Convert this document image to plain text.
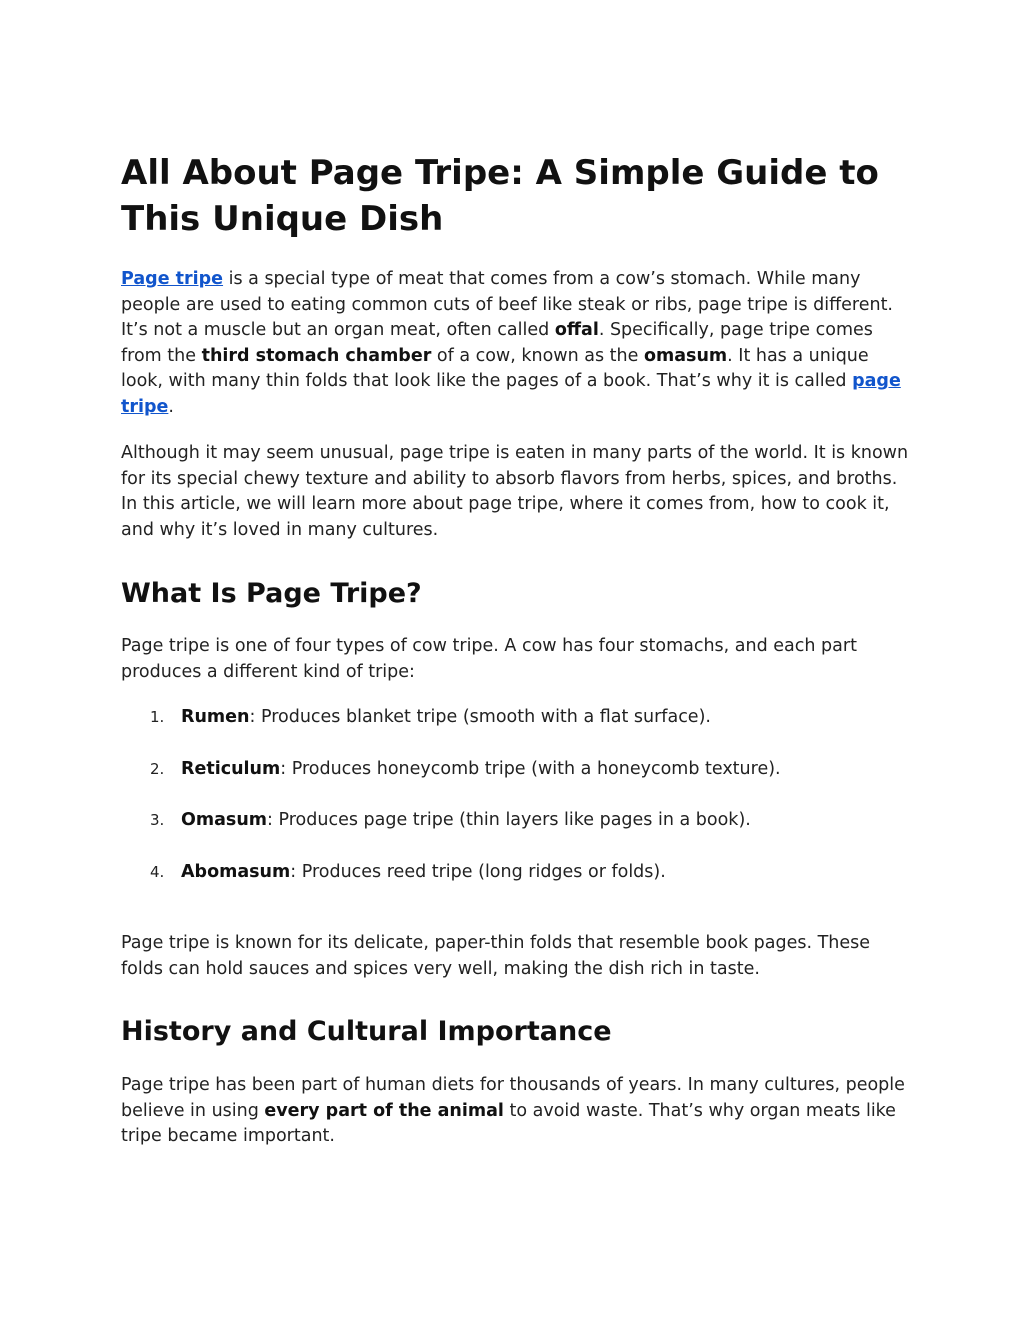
All About Page Tripe: A Simple Guide to This Unique Dish

Page tripe is a special type of meat that comes from a cow’s stomach. While many people are used to eating common cuts of beef like steak or ribs, page tripe is different. It’s not a muscle but an organ meat, often called offal. Specifically, page tripe comes from the third stomach chamber of a cow, known as the omasum. It has a unique look, with many thin folds that look like the pages of a book. That’s why it is called page tripe.

Although it may seem unusual, page tripe is eaten in many parts of the world. It is known for its special chewy texture and ability to absorb flavors from herbs, spices, and broths. In this article, we will learn more about page tripe, where it comes from, how to cook it, and why it’s loved in many cultures.

What Is Page Tripe?

Page tripe is one of four types of cow tripe. A cow has four stomachs, and each part produces a different kind of tripe:

1. Rumen: Produces blanket tripe (smooth with a flat surface).
2. Reticulum: Produces honeycomb tripe (with a honeycomb texture).
3. Omasum: Produces page tripe (thin layers like pages in a book).
4. Abomasum: Produces reed tripe (long ridges or folds).

Page tripe is known for its delicate, paper-thin folds that resemble book pages. These folds can hold sauces and spices very well, making the dish rich in taste.

History and Cultural Importance

Page tripe has been part of human diets for thousands of years. In many cultures, people believe in using every part of the animal to avoid waste. That’s why organ meats like tripe became important.
